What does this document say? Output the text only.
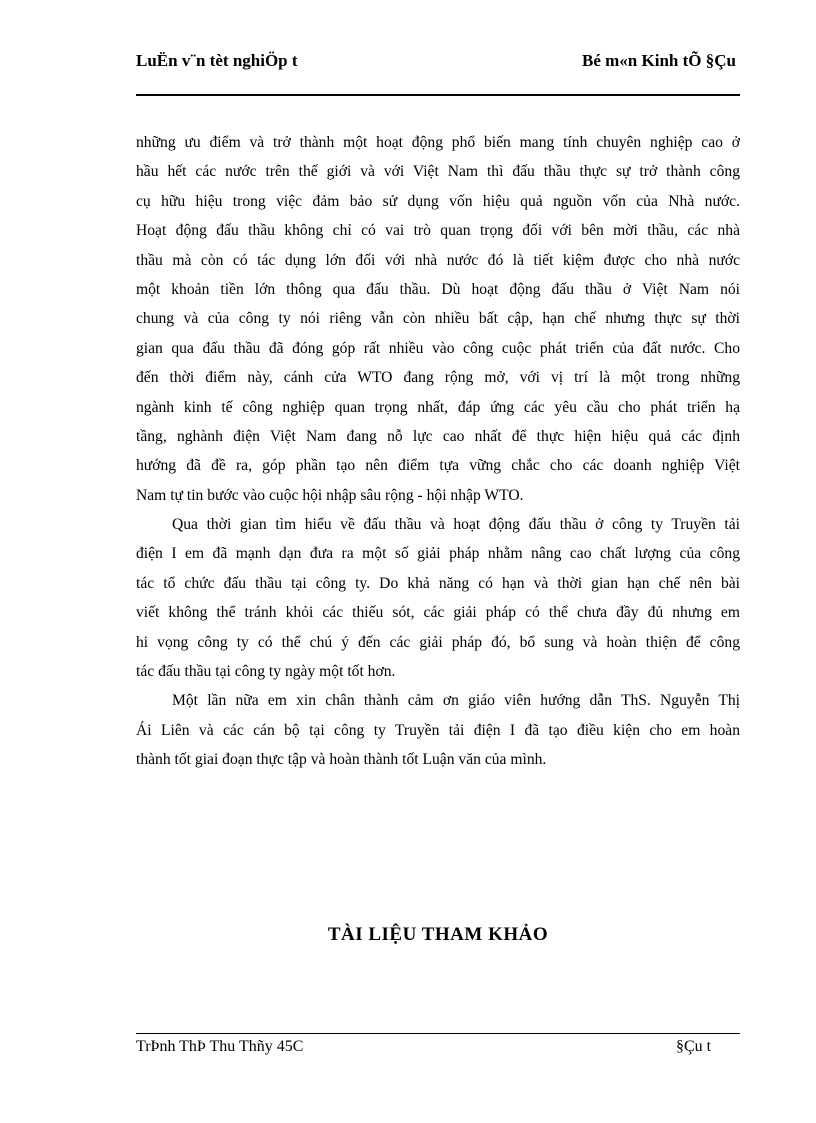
LuËn v¨n tèt nghiÖp t	Bé m«n Kinh tÕ §Çu
những ưu điểm và trở thành một hoạt động phổ biến mang tính chuyên nghiệp cao ở
hầu hết các nước trên thế giới và với Việt Nam thì đấu thầu thực sự trở thành công
cụ hữu hiệu trong việc đảm bảo sử dụng vốn hiệu quả nguồn vốn của Nhà nước.
Hoạt động đấu thầu không chỉ có vai trò quan trọng đối với bên mời thầu, các nhà
thầu mà còn có tác dụng lớn đối với nhà nước đó là tiết kiệm được cho nhà nước
một khoản tiền lớn thông qua đấu thầu. Dù hoạt động đấu thầu ở Việt Nam nói
chung và của công ty nói riêng vẫn còn nhiều bất cập, hạn chế nhưng thực sự thời
gian qua đấu thầu đã đóng góp rất nhiều vào công cuộc phát triển của đất nước. Cho
đến thời điểm này, cánh cửa WTO đang rộng mở, với vị trí là một trong những
ngành kinh tế công nghiệp quan trọng nhất, đáp ứng các yêu cầu cho phát triển hạ
tầng, nghành điện Việt Nam đang nỗ lực cao nhất để thực hiện hiệu quả các định
hướng đã đề ra, góp phần tạo nên điểm tựa vững chắc cho các doanh nghiệp Việt
Nam tự tin bước vào cuộc hội nhập sâu rộng - hội nhập WTO.
Qua thời gian tìm hiểu về đấu thầu và hoạt động đấu thầu ở công ty Truyền tải
điện I em đã mạnh dạn đưa ra một số giải pháp nhằm nâng cao chất lượng của công
tác tổ chức đấu thầu tại công ty. Do khả năng có hạn và thời gian hạn chế nên bài
viết không thể tránh khỏi các thiếu sót, các giải pháp có thể chưa đầy đủ nhưng em
hi vọng công ty có thể chú ý đến các giải pháp đó, bổ sung và hoàn thiện để công
tác đấu thầu tại công ty ngày một tốt hơn.
Một lần nữa em xin chân thành cảm ơn giáo viên hướng dẫn ThS. Nguyễn Thị
Ái Liên và các cán bộ tại công ty Truyền tải điện I đã tạo điều kiện cho em hoàn
thành tốt giai đoạn thực tập và hoàn thành tốt Luận văn của mình.
TÀI LIỆU THAM KHẢO
TrÞnh ThÞ Thu Thñy 45C	§Çu t
